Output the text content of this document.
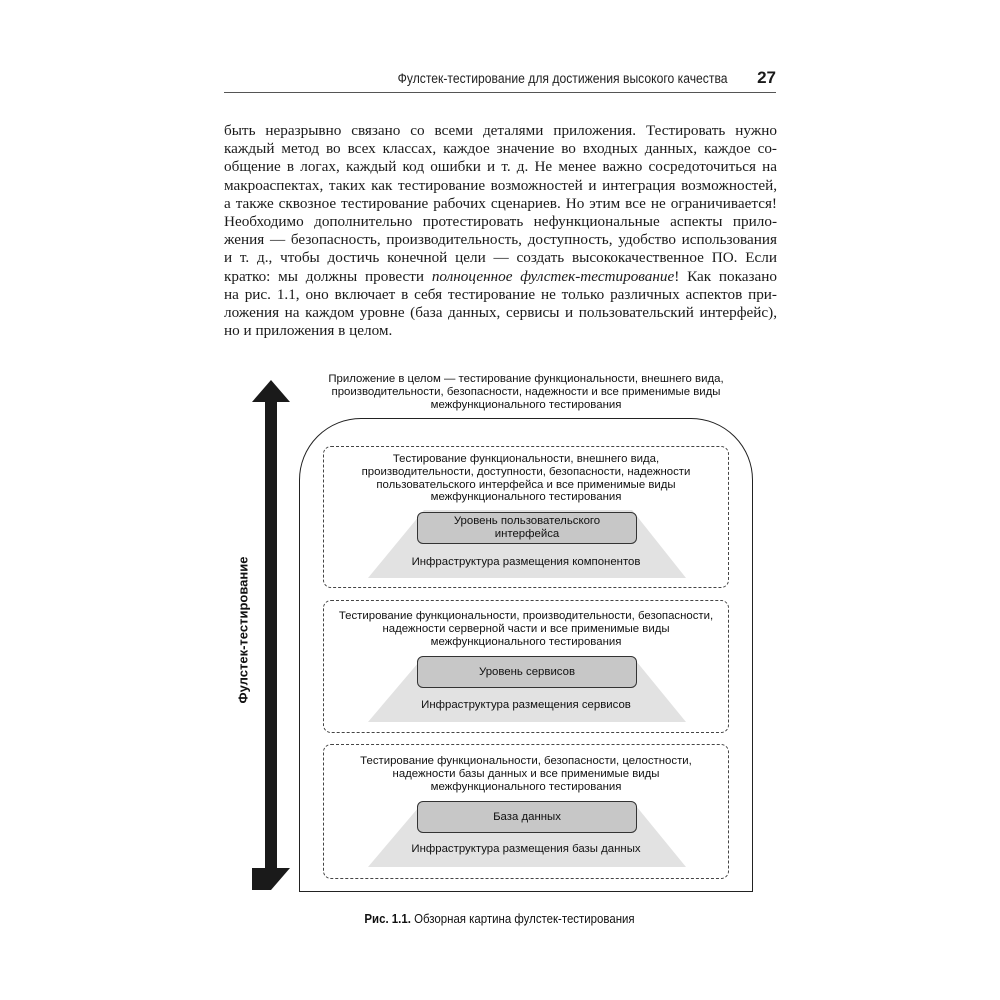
Фулстек-тестирование для достижения высокого качества 27

быть неразрывно связано со всеми деталями приложения. Тестировать нужно
каждый метод во всех классах, каждое значение во входных данных, каждое со-
общение в логах, каждый код ошибки и т. д. Не менее важно сосредоточиться на
макроаспектах, таких как тестирование возможностей и интеграция возможностей,
а также сквозное тестирование рабочих сценариев. Но этим все не ограничивается!
Необходимо дополнительно протестировать нефункциональные аспекты прило-
жения — безопасность, производительность, доступность, удобство использования
и т. д., чтобы достичь конечной цели — создать высококачественное ПО. Если
кратко: мы должны провести полноценное фулстек-тестирование! Как показано
на рис. 1.1, оно включает в себя тестирование не только различных аспектов при-
ложения на каждом уровне (база данных, сервисы и пользовательский интерфейс),
но и приложения в целом.

Фулстек-тестирование
Приложение в целом — тестирование функциональности, внешнего вида, производительности, безопасности, надежности и все применимые виды межфункционального тестирования
Тестирование функциональности, внешнего вида, производительности, доступности, безопасности, надежности пользовательского интерфейса и все применимые виды межфункционального тестирования
Уровень пользовательского интерфейса
Инфраструктура размещения компонентов
Тестирование функциональности, производительности, безопасности, надежности серверной части и все применимые виды межфункционального тестирования
Уровень сервисов
Инфраструктура размещения сервисов
Тестирование функциональности, безопасности, целостности, надежности базы данных и все применимые виды межфункционального тестирования
База данных
Инфраструктура размещения базы данных
Рис. 1.1. Обзорная картина фулстек-тестирования
